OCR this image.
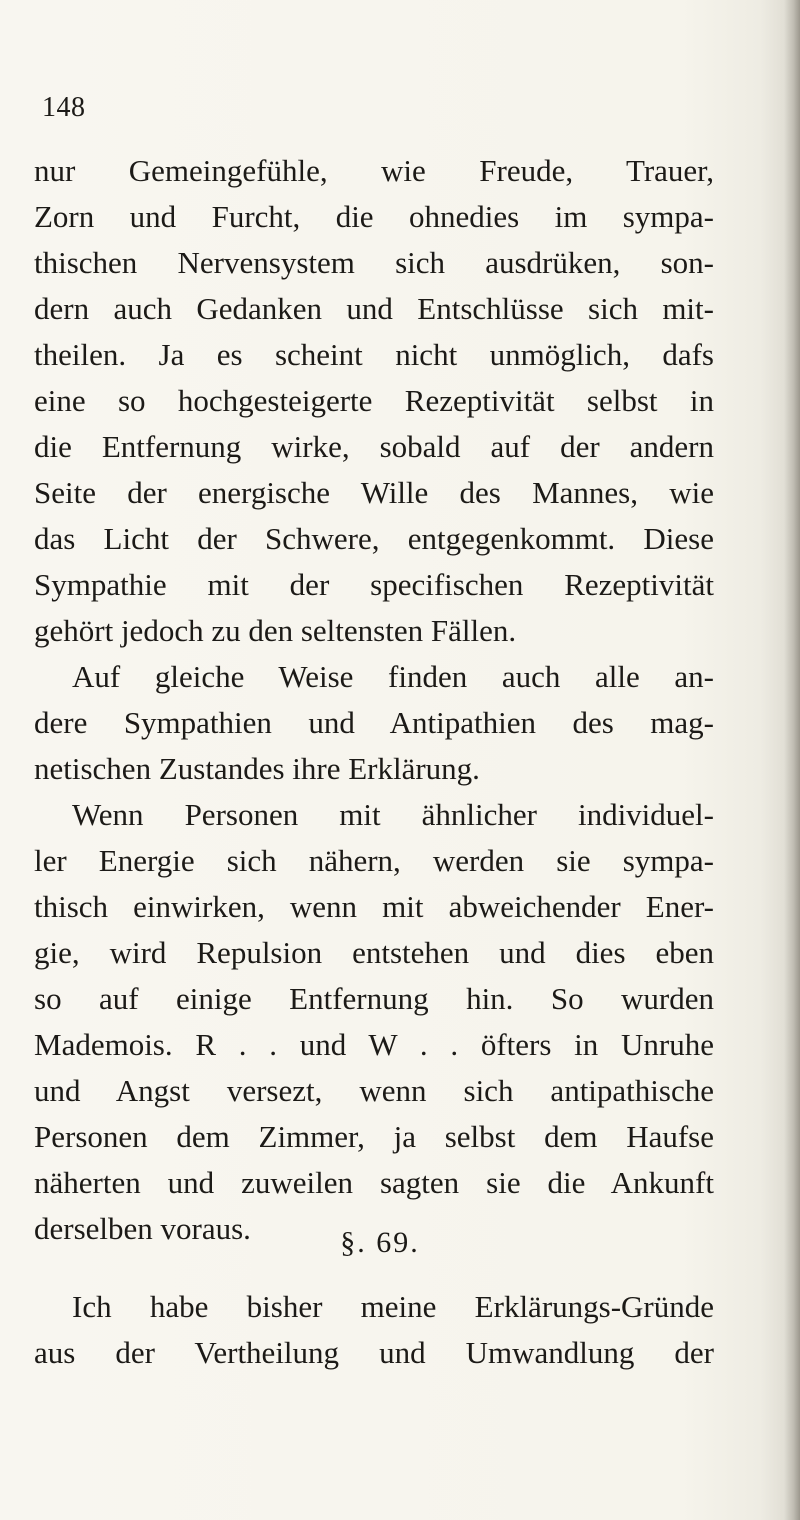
148
nur Gemeingefühle, wie Freude, Trauer,
Zorn und Furcht, die ohnedies im sympa-
thischen Nervensystem sich ausdrüken, son-
dern auch Gedanken und Entschlüsse sich mit-
theilen. Ja es scheint nicht unmöglich, dafs
eine so hochgesteigerte Rezeptivität selbst in
die Entfernung wirke, sobald auf der andern
Seite der energische Wille des Mannes, wie
das Licht der Schwere, entgegenkommt. Diese
Sympathie mit der specifischen Rezeptivität
gehört jedoch zu den seltensten Fällen.
Auf gleiche Weise finden auch alle an-
dere Sympathien und Antipathien des mag-
netischen Zustandes ihre Erklärung.
Wenn Personen mit ähnlicher individuel-
ler Energie sich nähern, werden sie sympa-
thisch einwirken, wenn mit abweichender Ener-
gie, wird Repulsion entstehen und dies eben
so auf einige Entfernung hin. So wurden
Mademois. R . . und W . . öfters in Unruhe
und Angst versezt, wenn sich antipathische
Personen dem Zimmer, ja selbst dem Haufse
näherten und zuweilen sagten sie die Ankunft
derselben voraus.	§. 69.
Ich habe bisher meine Erklärungs-Gründe
aus der Vertheilung und Umwandlung der
